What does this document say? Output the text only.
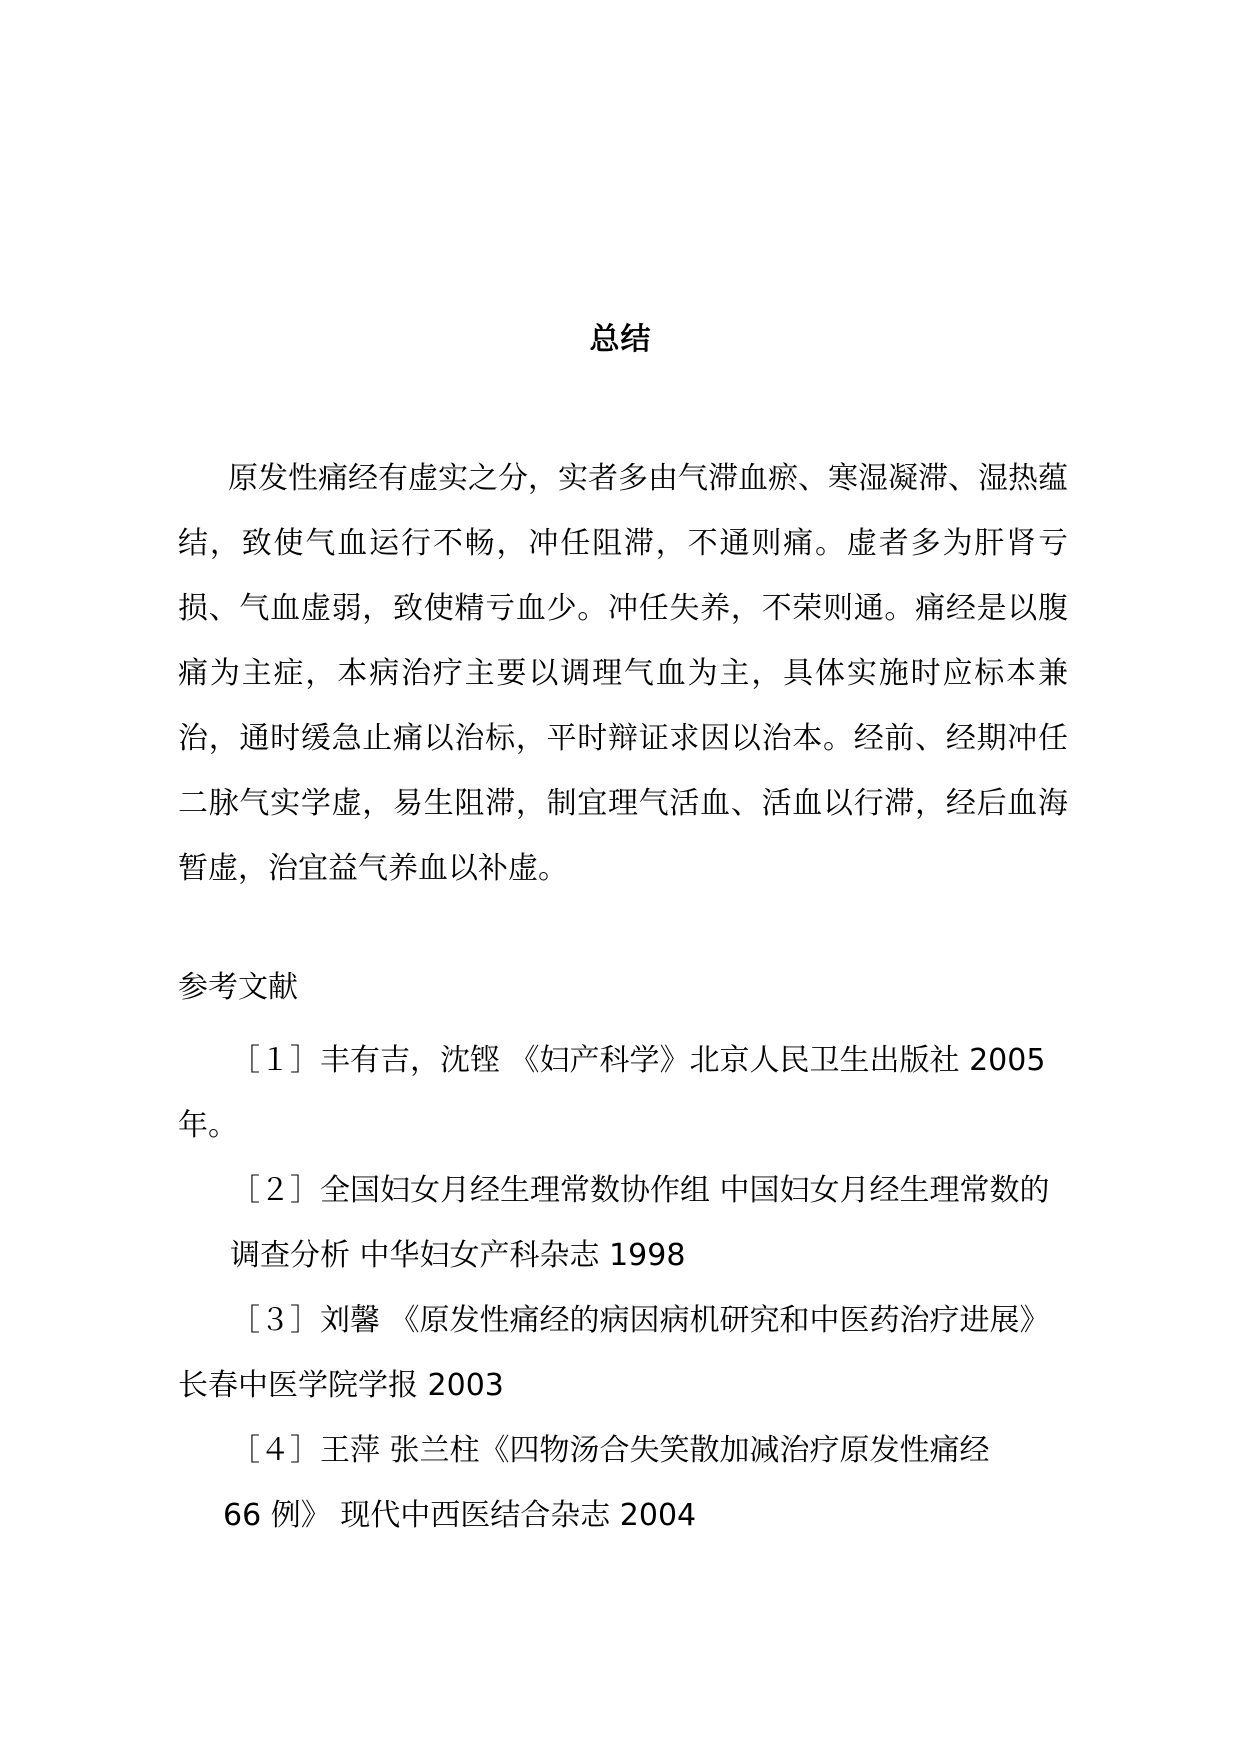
总结

原发性痛经有虚实之分，实者多由气滞血瘀、寒湿凝滞、湿热蕴结，致使气血运行不畅，冲任阻滞，不通则痛。虚者多为肝肾亏损、气血虚弱，致使精亏血少。冲任失养，不荣则通。痛经是以腹痛为主症，本病治疗主要以调理气血为主，具体实施时应标本兼治，通时缓急止痛以治标，平时辩证求因以治本。经前、经期冲任二脉气实学虚，易生阻滞，制宜理气活血、活血以行滞，经后血海暂虚，治宜益气养血以补虚。

参考文献

［１］丰有吉，沈铿 《妇产科学》北京人民卫生出版社 2005 年。

［２］全国妇女月经生理常数协作组 中国妇女月经生理常数的调查分析 中华妇女产科杂志 1998

［３］刘馨 《原发性痛经的病因病机研究和中医药治疗进展》 长春中医学院学报 2003

［４］王萍 张兰柱《四物汤合失笑散加减治疗原发性痛经
66 例》 现代中西医结合杂志 2004
